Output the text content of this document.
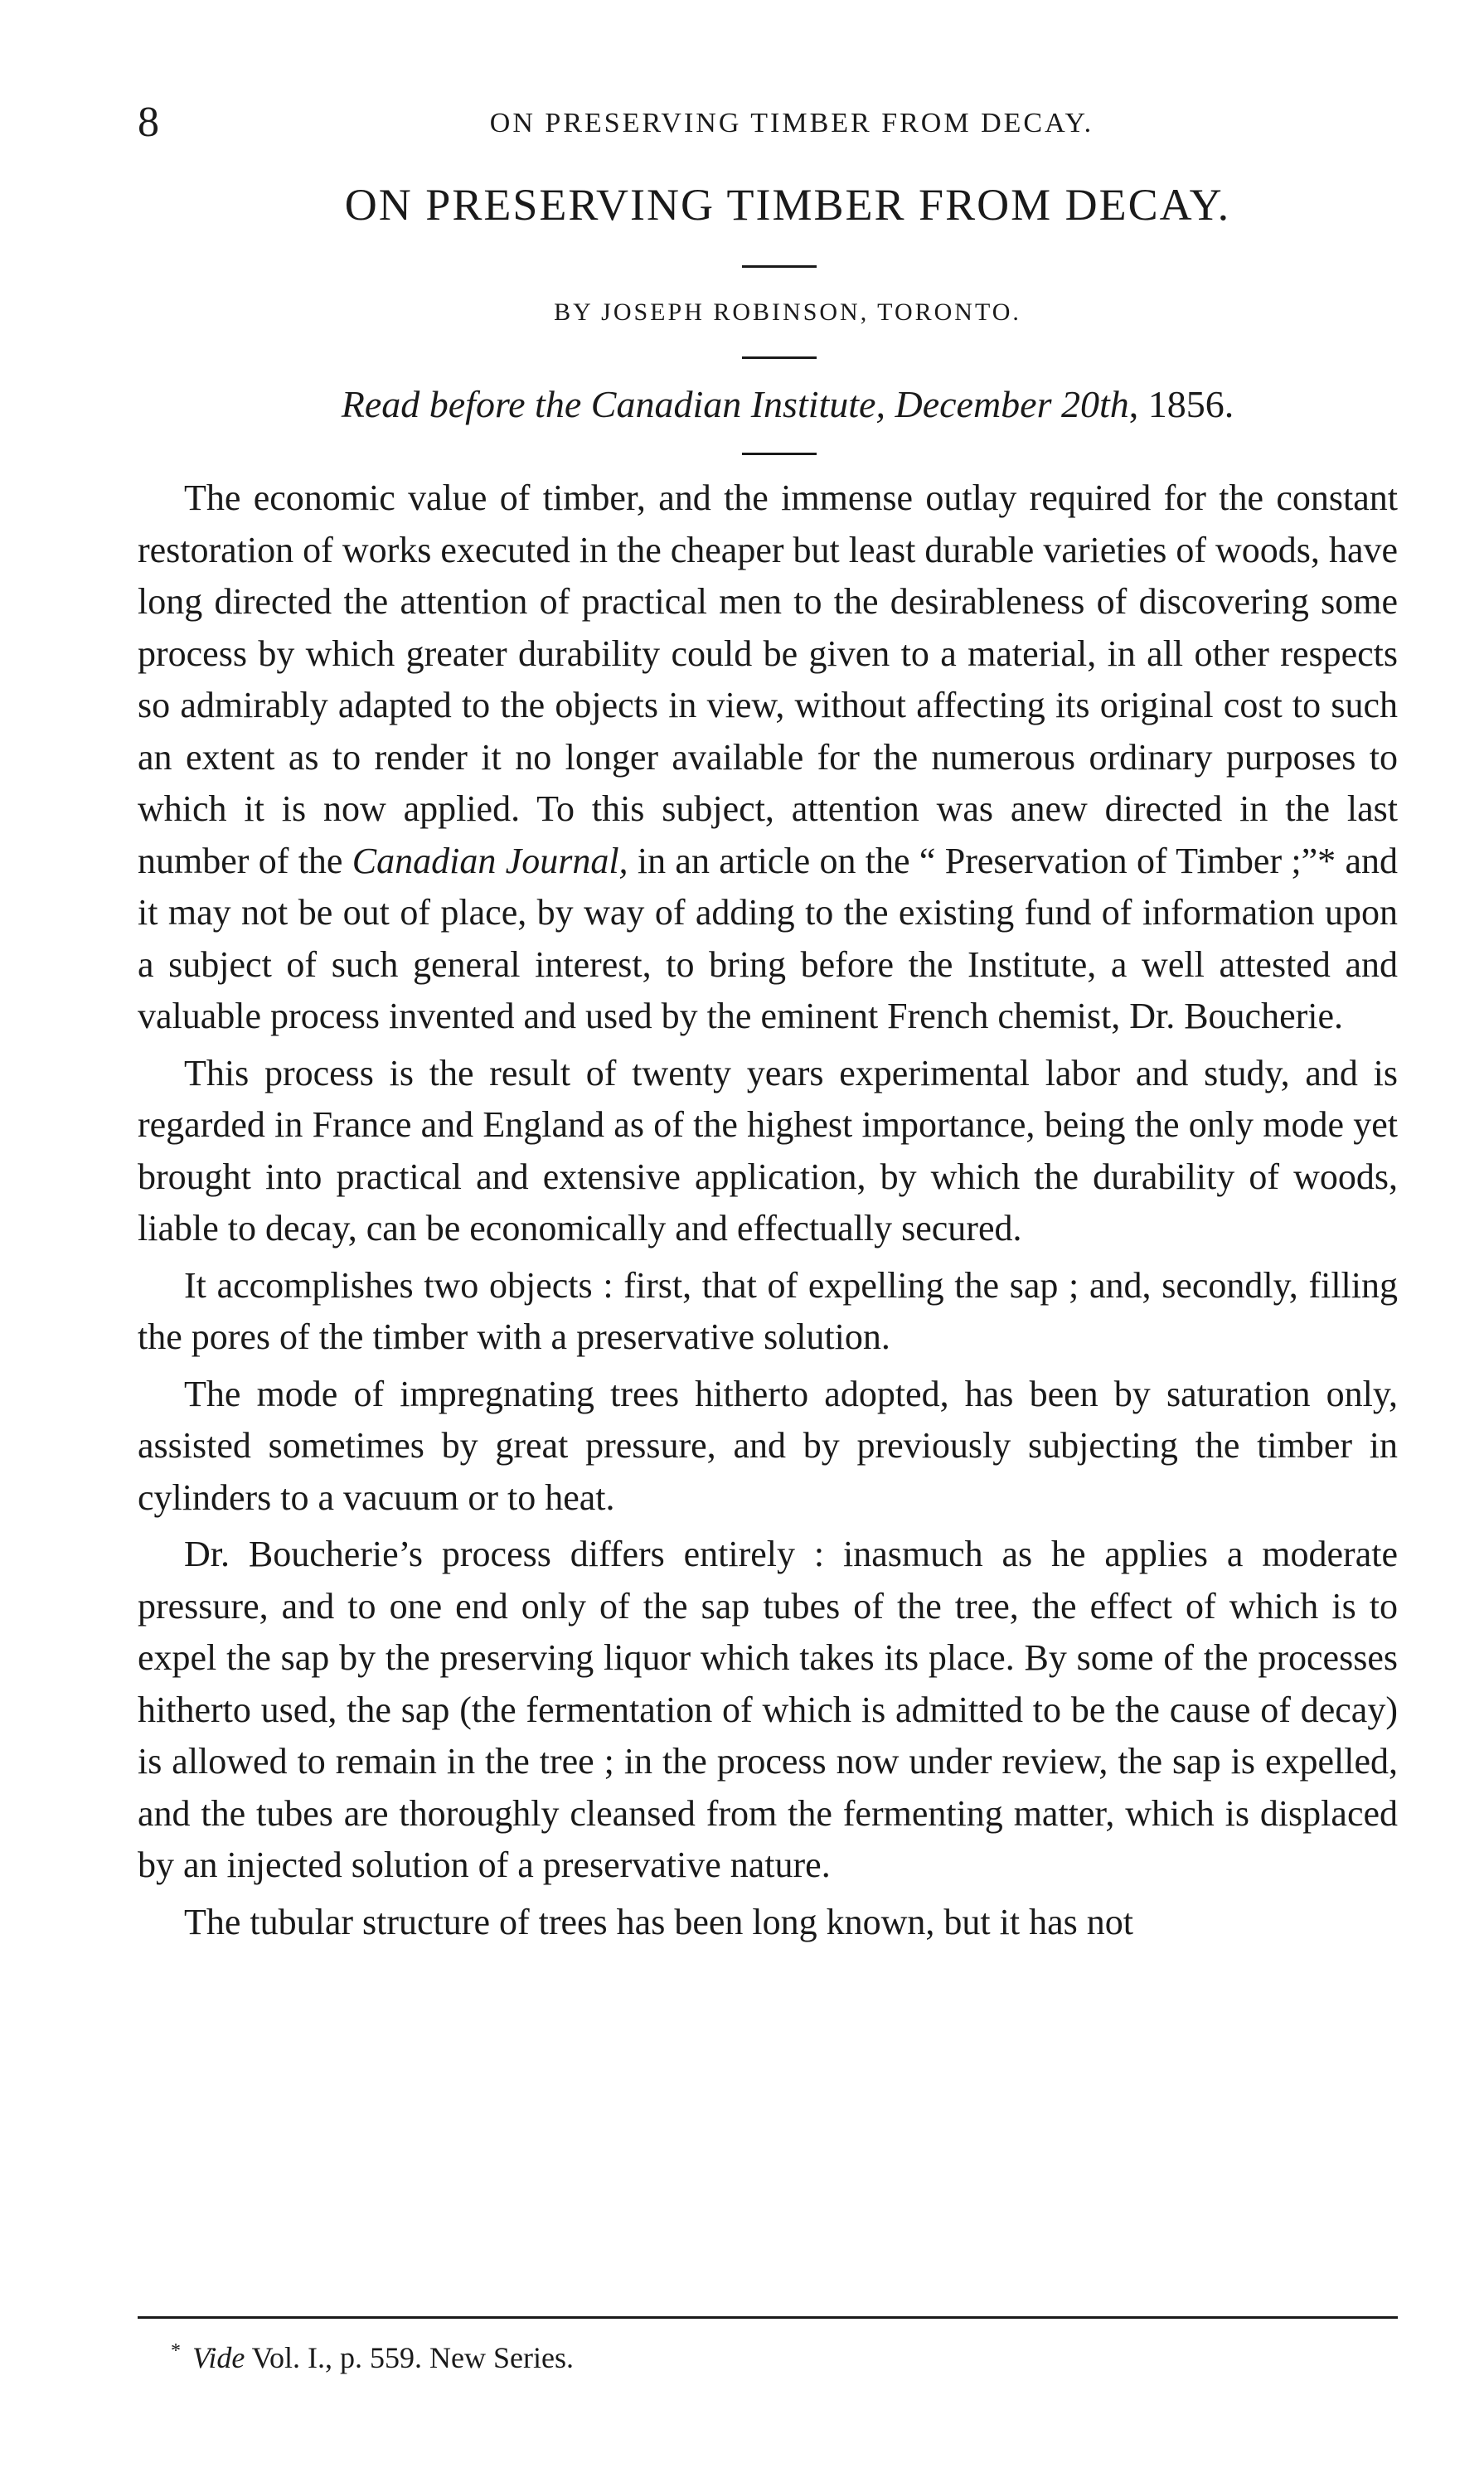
8	ON PRESERVING TIMBER FROM DECAY.
ON PRESERVING TIMBER FROM DECAY.
BY JOSEPH ROBINSON, TORONTO.
Read before the Canadian Institute, December 20th, 1856.

The economic value of timber, and the immense outlay required for the constant restoration of works executed in the cheaper but least durable varieties of woods, have long directed the attention of practical men to the desirableness of discovering some process by which greater durability could be given to a material, in all other respects so admirably adapted to the objects in view, without affecting its original cost to such an extent as to render it no longer available for the numerous ordinary purposes to which it is now applied. To this subject, attention was anew directed in the last number of the Canadian Journal, in an article on the “ Preservation of Timber ;”* and it may not be out of place, by way of adding to the existing fund of information upon a subject of such general interest, to bring before the Institute, a well attested and valuable process invented and used by the eminent French chemist, Dr. Boucherie.

This process is the result of twenty years experimental labor and study, and is regarded in France and England as of the highest importance, being the only mode yet brought into practical and extensive application, by which the durability of woods, liable to decay, can be economically and effectually secured.

It accomplishes two objects : first, that of expelling the sap ; and, secondly, filling the pores of the timber with a preservative solution.

The mode of impregnating trees hitherto adopted, has been by saturation only, assisted sometimes by great pressure, and by previously subjecting the timber in cylinders to a vacuum or to heat.

Dr. Boucherie’s process differs entirely : inasmuch as he applies a moderate pressure, and to one end only of the sap tubes of the tree, the effect of which is to expel the sap by the preserving liquor which takes its place. By some of the processes hitherto used, the sap (the fermentation of which is admitted to be the cause of decay) is allowed to remain in the tree ; in the process now under review, the sap is expelled, and the tubes are thoroughly cleansed from the fermenting matter, which is displaced by an injected solution of a preservative nature.

The tubular structure of trees has been long known, but it has not

* Vide Vol. I., p. 559. New Series.
